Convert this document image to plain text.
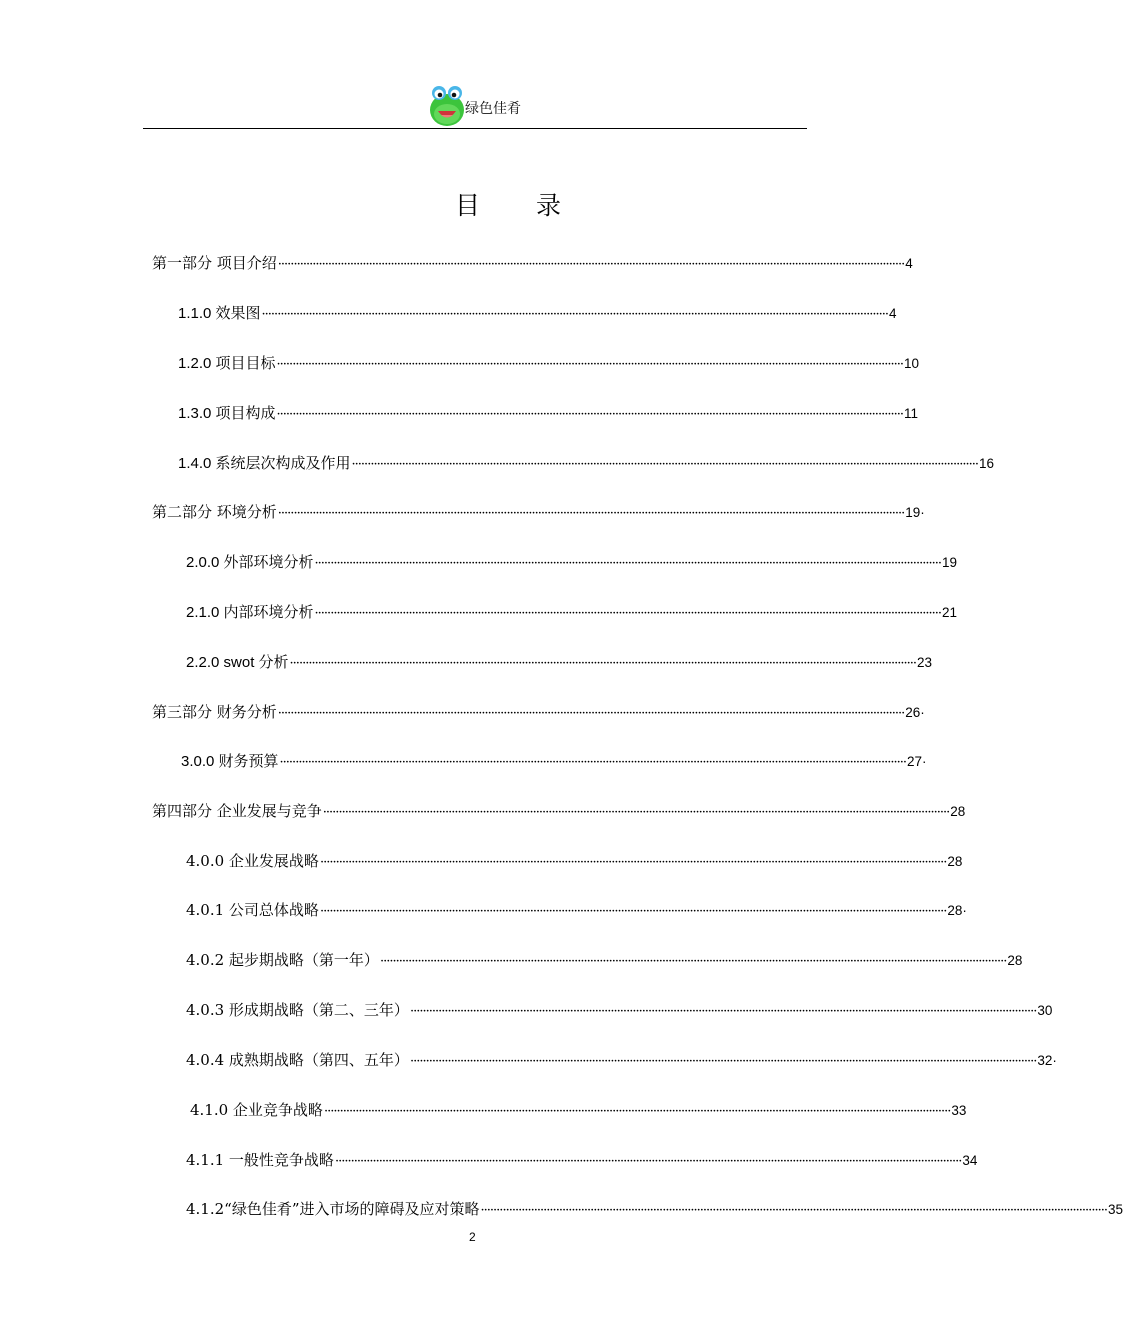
绿色佳肴
目 录
第一部分 项目介绍 ········································································································································································································ 4
1.1.0 效果图 ········································································································································································································ 4
1.2.0 项目目标 ········································································································································································································ 10
1.3.0 项目构成 ········································································································································································································ 11
1.4.0 系统层次构成及作用 ········································································································································································································ 16
第二部分 环境分析 ········································································································································································································ 19·
2.0.0 外部环境分析 ········································································································································································································ 19
2.1.0 内部环境分析 ········································································································································································································ 21
2.2.0 swot 分析 ········································································································································································································ 23
第三部分 财务分析 ········································································································································································································ 26·
3.0.0 财务预算 ········································································································································································································ 27·
第四部分 企业发展与竞争 ········································································································································································································ 28
4.0.0 企业发展战略 ········································································································································································································ 28
4.0.1 公司总体战略 ········································································································································································································ 28·
4.0.2 起步期战略（第一年） ········································································································································································································ 28
4.0.3 形成期战略（第二、三年） ········································································································································································································ 30
4.0.4 成熟期战略（第四、五年） ········································································································································································································ 32·
4.1.0 企业竞争战略 ········································································································································································································ 33
4.1.1 一般性竞争战略 ········································································································································································································ 34
4.1.2“绿色佳肴”进入市场的障碍及应对策略 ········································································································································································································ 35
2
